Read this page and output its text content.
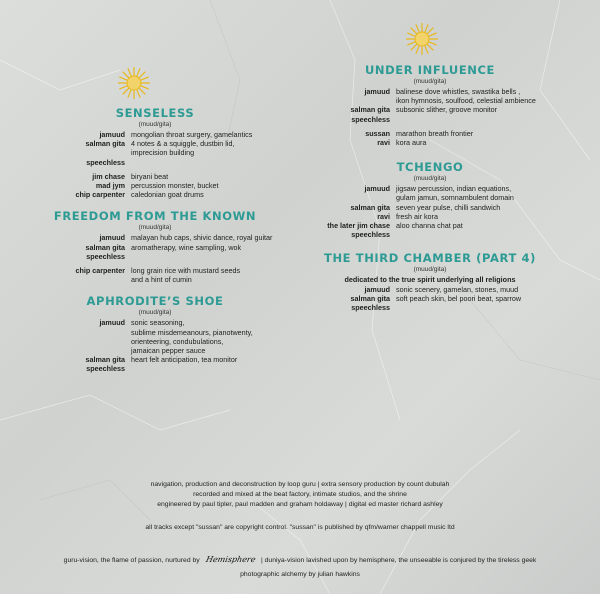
SENSELESS
(muud/gita)
jamuud mongolian throat surgery, gamelantics
salman gita 4 notes & a squiggle, dustbin lid,
imprecision building
speechless
jim chase biryani beat
mad jym percussion monster, bucket
chip carpenter caledonian goat drums
FREEDOM FROM THE KNOWN
(muud/gita)
jamuud malayan hub caps, shivic dance, royal guitar
salman gita aromatherapy, wine sampling, wok
speechless
chip carpenter long grain rice with mustard seeds
and a hint of cumin
APHRODITE’S SHOE
(muud/gita)
jamuud sonic seasoning,
sublime misdemeanours, pianotwenty,
orienteering, condubulations,
jamaican pepper sauce
salman gita heart felt anticipation, tea monitor
speechless
UNDER INFLUENCE
(muud/gita)
jamuud balinese dove whistles, swastika bells ,
ikon hymnosis, soulfood, celestial ambience
salman gita subsonic slither, groove monitor
speechless
sussan marathon breath frontier
ravi kora aura
TCHENGO
(muud/gita)
jamuud jigsaw percussion, indian equations,
gulam jamun, somnambulent domain
salman gita seven year pulse, chilli sandwich
ravi fresh air kora
the later jim chase aloo channa chat pat
speechless
THE THIRD CHAMBER (PART 4)
(muud/gita)
dedicated to the true spirit underlying all religions
jamuud sonic scenery, gamelan, stones, muud
salman gita soft peach skin, bel poori beat, sparrow
speechless
navigation, production and deconstruction by loop guru | extra sensory production by count dubulah
recorded and mixed at the beat factory, intimate studios, and the shrine
engineered by paul tipler, paul madden and graham holdaway | digital ed master richard ashley
all tracks except "sussan" are copyright control. "sussan" is published by qfm/warner chappell music ltd
guru-vision, the flame of passion, nurtured by Hemisphere | duniya-vision lavished upon by hemisphere, the unseeable is conjured by the tireless geek
photographic alchemy by julian hawkins
